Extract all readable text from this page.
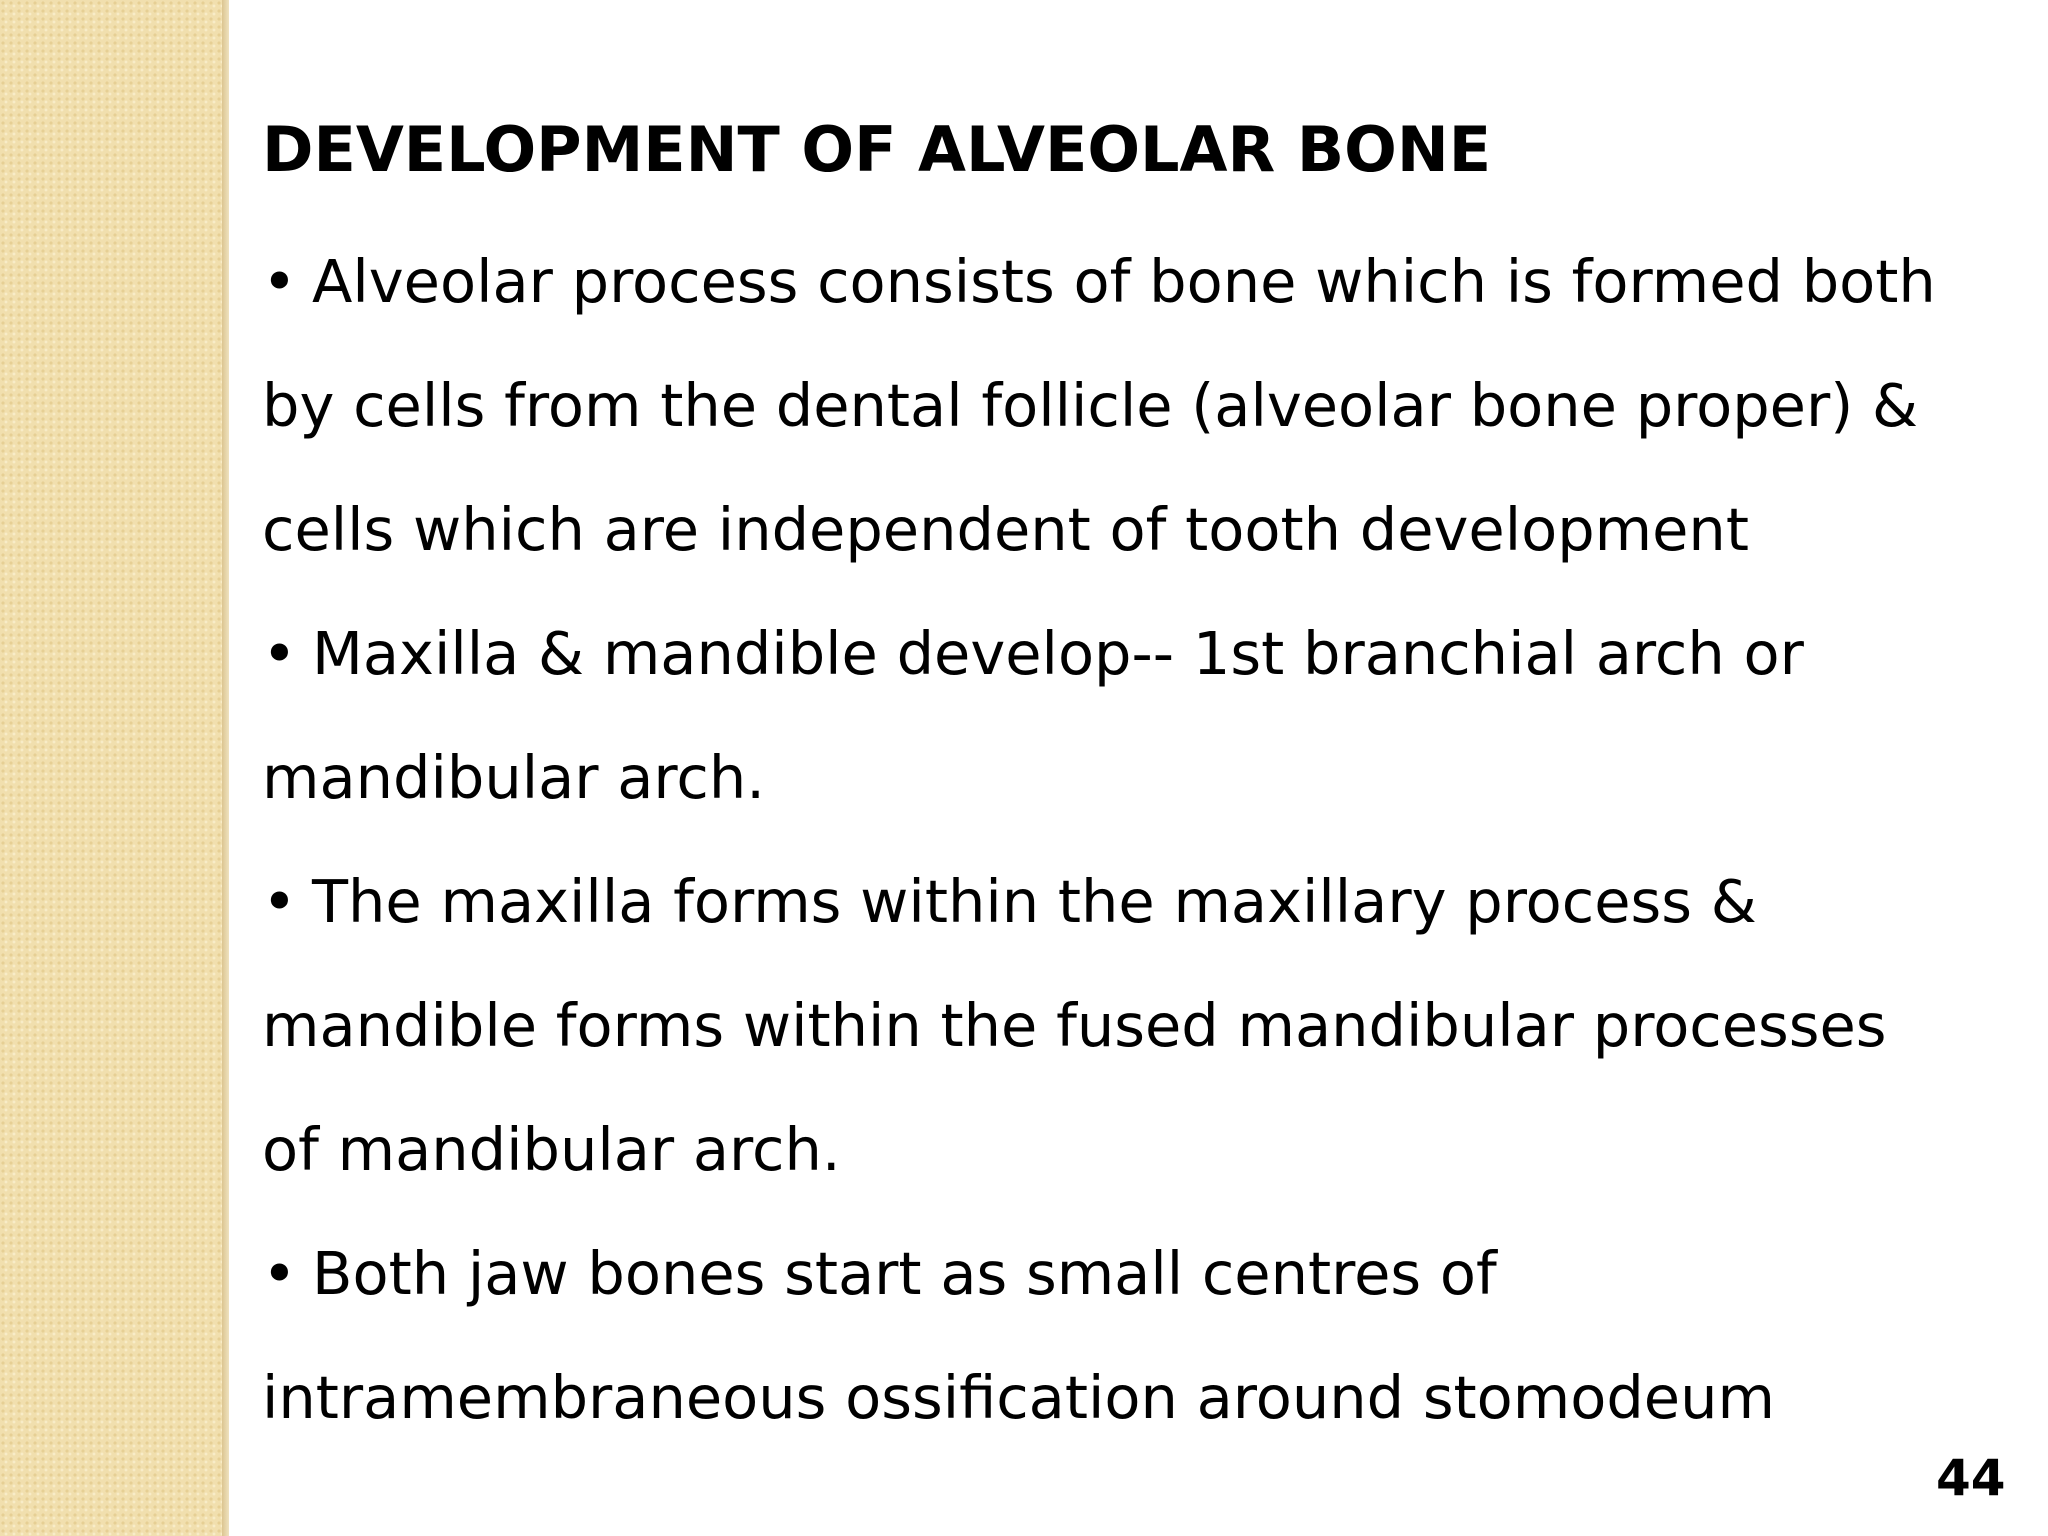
DEVELOPMENT OF ALVEOLAR BONE
• Alveolar process consists of bone which is formed both
by cells from the dental follicle (alveolar bone proper) &
cells which are independent of tooth development
• Maxilla & mandible develop-- 1st branchial arch or
mandibular arch.
• The maxilla forms within the maxillary process &
mandible forms within the fused mandibular processes
of mandibular arch.
• Both jaw bones start as small centres of
intramembraneous ossification around stomodeum
44
